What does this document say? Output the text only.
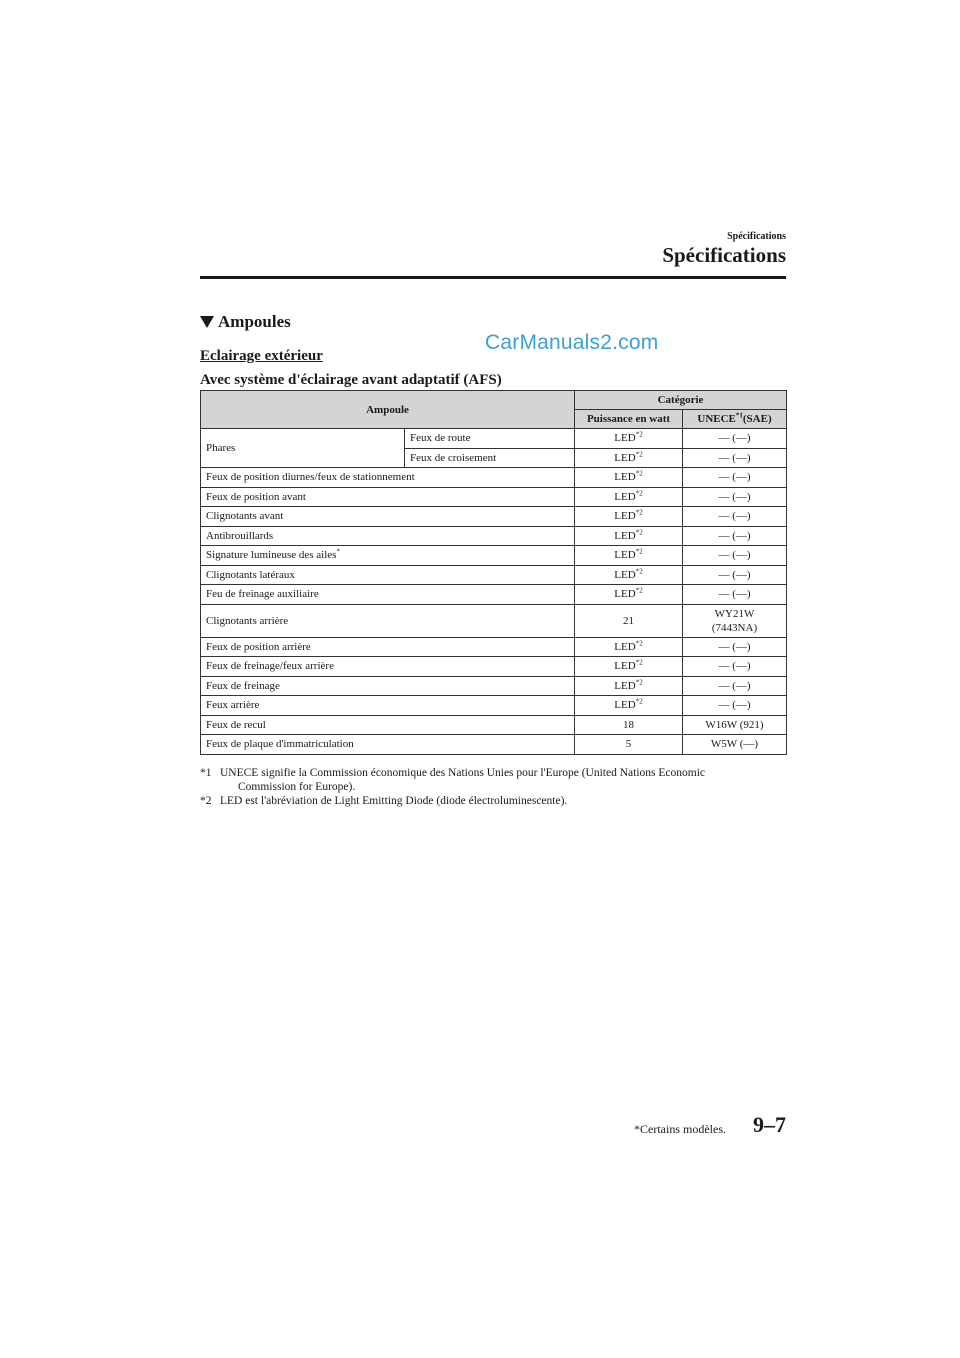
Spécifications
Spécifications
Ampoules
Eclairage extérieur
CarManuals2.com
Avec système d'éclairage avant adaptatif (AFS)
Ampoule		Catégorie	
		Puissance en watt	UNECE$^{*1}$(SAE)
Phares	Feux de route	LED$^{*2}$	— (—)
	Feux de croisement	LED$^{*2}$	— (—)
Feux de position diurnes/feux de stationnement		LED$^{*2}$	— (—)
Feux de position avant		LED$^{*2}$	— (—)
Clignotants avant		LED$^{*2}$	— (—)
Antibrouillards		LED$^{*2}$	— (—)
Signature lumineuse des ailes*		LED$^{*2}$	— (—)
Clignotants latéraux		LED$^{*2}$	— (—)
Feu de freinage auxiliaire		LED$^{*2}$	— (—)
Clignotants arrière		21	WY21W
(7443NA)
Feux de position arrière		LED$^{*2}$	— (—)
Feux de freinage/feux arrière		LED$^{*2}$	— (—)
Feux de freinage		LED$^{*2}$	— (—)
Feux arrière		LED$^{*2}$	— (—)
Feux de recul		18	W16W (921)
Feux de plaque d'immatriculation		5	W5W (—)
*1 UNECE signifie la Commission économique des Nations Unies pour l'Europe (United Nations Economic
Commission for Europe).
*2 LED est l'abréviation de Light Emitting Diode (diode électroluminescente).
*Certains modèles.	9–7
